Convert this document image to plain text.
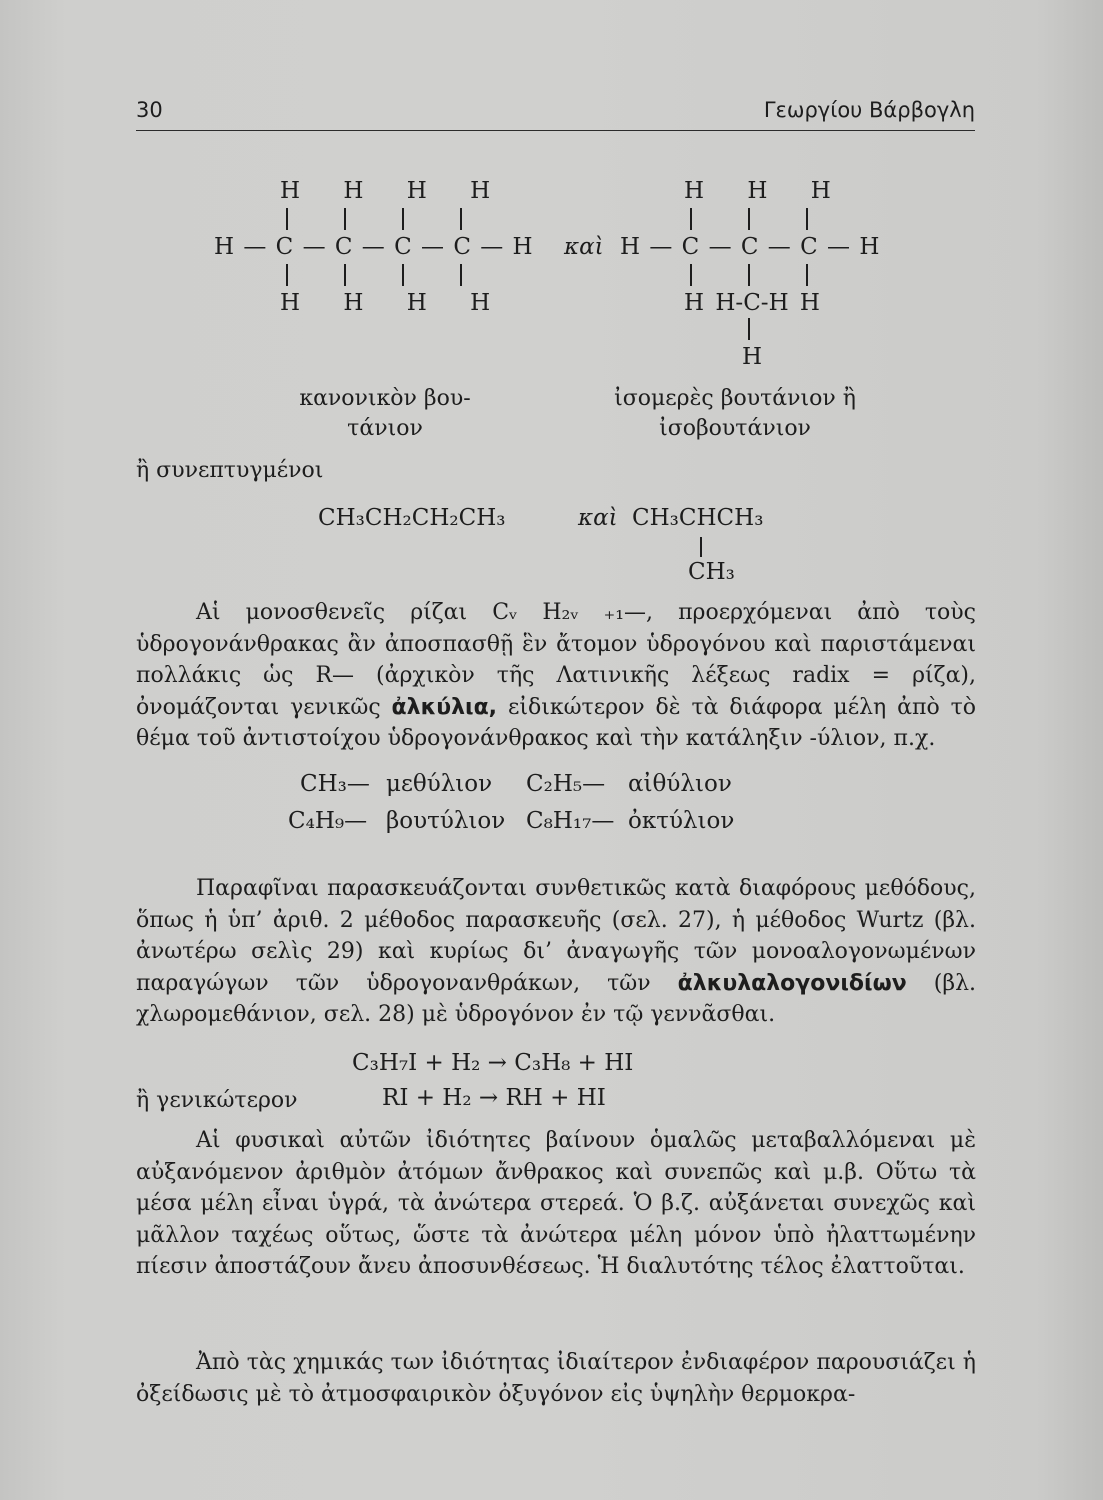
30	Γεωργίου Βάρβογλη
H H H H
H — C — C — C — C — H
H H H H
καὶ
H H H
H — C — C — C — H
H H-C-H H
H
κανονικὸν βου-
τάνιον
ἰσομερὲς βουτάνιον ἢ
ἰσοβουτάνιον
ἢ συνεπτυγμένοι
CH₃CH₂CH₂CH₃	καὶ CH₃CHCH₃
CH₃

Αἱ μονοσθενεῖς ρίζαι Cᵥ H₂ᵥ ₊₁—, προερχόμεναι ἀπὸ τοὺς ὑδρογονάνθρακας ἂν ἀποσπασθῇ ἓν ἄτομον ὑδρογόνου καὶ παριστάμεναι πολλάκις ὡς R— (ἀρχικὸν τῆς Λατινικῆς λέξεως radix = ρίζα), ὀνομάζονται γενικῶς ἀλκύλια, εἰδικώτερον δὲ τὰ διάφορα μέλη ἀπὸ τὸ θέμα τοῦ ἀντιστοίχου ὑδρογονάνθρακος καὶ τὴν κατάληξιν -ύλιον, π.χ.

CH₃— μεθύλιον C₂H₅— αἰθύλιον
C₄H₉— βουτύλιον C₈H₁₇— ὀκτύλιον

Παραφῖναι παρασκευάζονται συνθετικῶς κατὰ διαφόρους μεθόδους, ὅπως ἡ ὑπ’ ἀριθ. 2 μέθοδος παρασκευῆς (σελ. 27), ἡ μέθοδος Wurtz (βλ. ἀνωτέρω σελὶς 29) καὶ κυρίως δι’ ἀναγωγῆς τῶν μονοαλογονωμένων παραγώγων τῶν ὑδρογονανθράκων, τῶν ἀλκυλαλογονιδίων (βλ. χλωρομεθάνιον, σελ. 28) μὲ ὑδρογόνον ἐν τῷ γεννᾶσθαι.

C₃H₇I + H₂ → C₃H₈ + HI
ἢ γενικώτερον	RI + H₂ → RH + HI

Αἱ φυσικαὶ αὐτῶν ἰδιότητες βαίνουν ὁμαλῶς μεταβαλλόμεναι μὲ αὐξανόμενον ἀριθμὸν ἀτόμων ἄνθρακος καὶ συνεπῶς καὶ μ.β. Οὕτω τὰ μέσα μέλη εἶναι ὑγρά, τὰ ἀνώτερα στερεά. Ὁ β.ζ. αὐξάνεται συνεχῶς καὶ μᾶλλον ταχέως οὕτως, ὥστε τὰ ἀνώτερα μέλη μόνον ὑπὸ ἠλαττωμένην πίεσιν ἀποστάζουν ἄνευ ἀποσυνθέσεως. Ἡ διαλυτότης τέλος ἐλαττοῦται.

Ἀπὸ τὰς χημικάς των ἰδιότητας ἰδιαίτερον ἐνδιαφέρον παρουσιάζει ἡ ὀξείδωσις μὲ τὸ ἀτμοσφαιρικὸν ὀξυγόνον εἰς ὑψηλὴν θερμοκρα-
